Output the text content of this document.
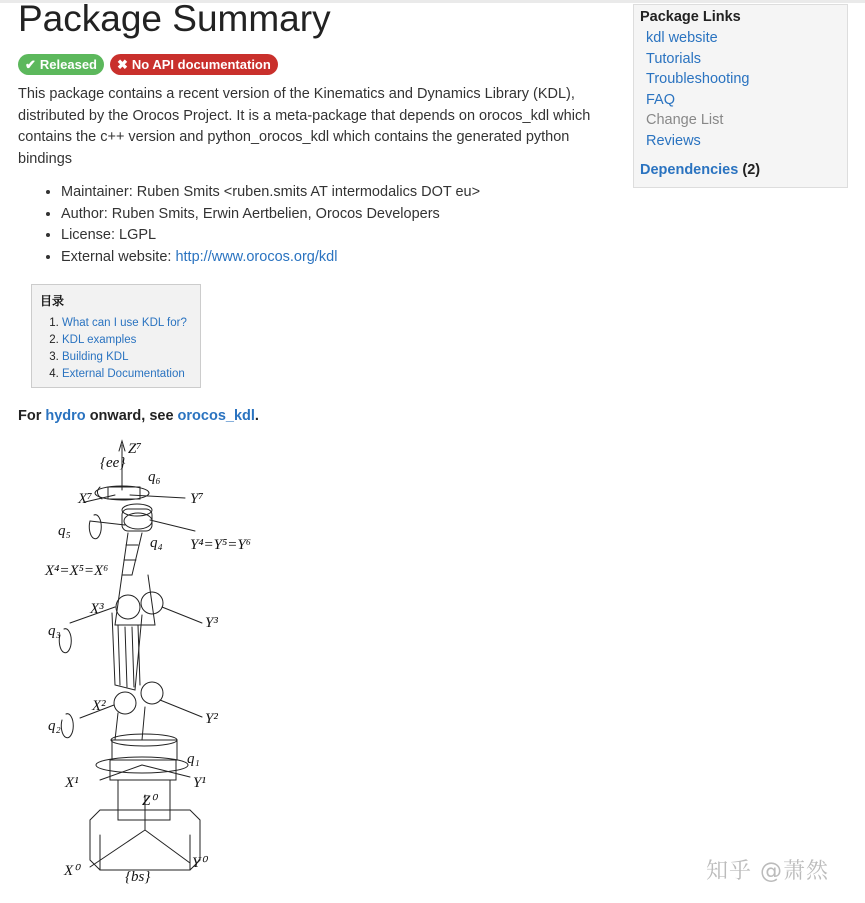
Package Summary
✔ Released ✖ No API documentation

This package contains a recent version of the Kinematics and Dynamics Library (KDL), distributed by the Orocos Project. It is a meta-package that depends on orocos_kdl which contains the c++ version and python_orocos_kdl which contains the generated python bindings

• Maintainer: Ruben Smits <ruben.smits AT intermodalics DOT eu>
• Author: Ruben Smits, Erwin Aertbelien, Orocos Developers
• License: LGPL
• External website: http://www.orocos.org/kdl
目录
1. What can I use KDL for?
2. KDL examples
3. Building KDL
4. External Documentation
For hydro onward, see orocos_kdl.
Package Links
kdl website
Tutorials
Troubleshooting
FAQ
Change List
Reviews
Dependencies (2)
Z⁷
{ee}
q₆
X⁷	Y⁷
q₅
q₄ Y⁴=Y⁵=Y⁶
X⁴=X⁵=X⁶
X³
q₃	Y³
X²
q₂	Y²
q₁
X¹	Y¹
Z⁰
X⁰	Y⁰
{bs}	知乎 @萧然
